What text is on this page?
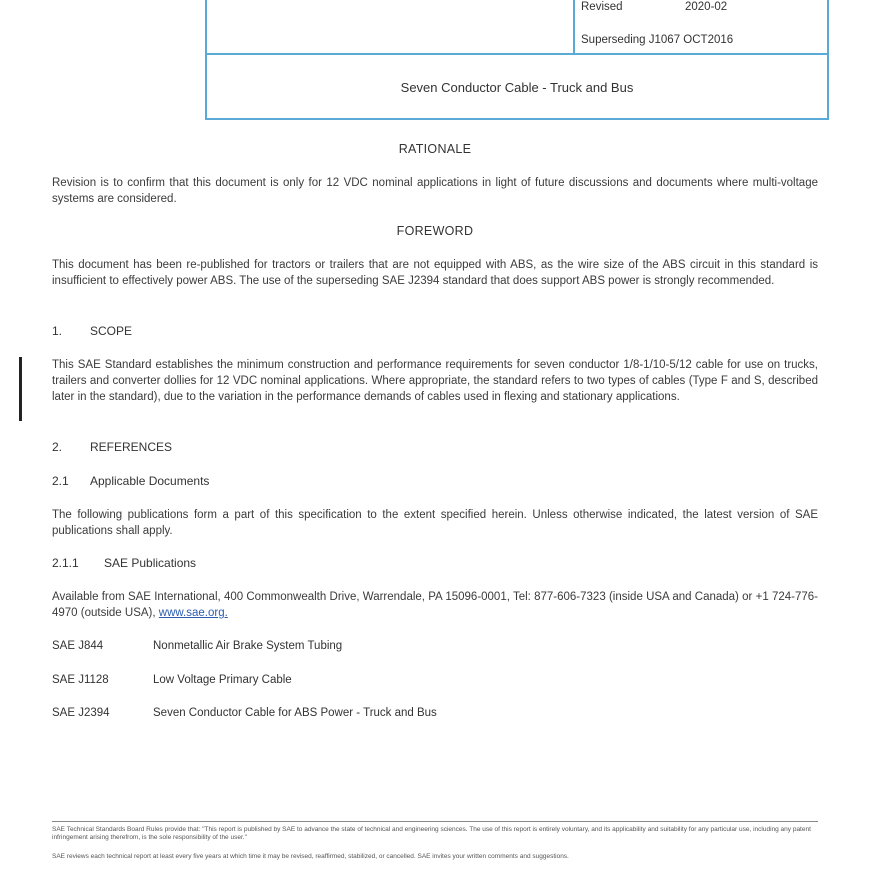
Revised	2020-02
Superseding J1067 OCT2016
Seven Conductor Cable - Truck and Bus
RATIONALE
Revision is to confirm that this document is only for 12 VDC nominal applications in light of future discussions and documents where multi-voltage systems are considered.
FOREWORD
This document has been re-published for tractors or trailers that are not equipped with ABS, as the wire size of the ABS circuit in this standard is insufficient to effectively power ABS. The use of the superseding SAE J2394 standard that does support ABS power is strongly recommended.
1. SCOPE
This SAE Standard establishes the minimum construction and performance requirements for seven conductor 1/8-1/10-5/12 cable for use on trucks, trailers and converter dollies for 12 VDC nominal applications. Where appropriate, the standard refers to two types of cables (Type F and S, described later in the standard), due to the variation in the performance demands of cables used in flexing and stationary applications.
2. REFERENCES
2.1 Applicable Documents
The following publications form a part of this specification to the extent specified herein. Unless otherwise indicated, the latest version of SAE publications shall apply.
2.1.1 SAE Publications
Available from SAE International, 400 Commonwealth Drive, Warrendale, PA 15096-0001, Tel: 877-606-7323 (inside USA and Canada) or +1 724-776-4970 (outside USA), www.sae.org.
SAE J844	Nonmetallic Air Brake System Tubing
SAE J1128	Low Voltage Primary Cable
SAE J2394	Seven Conductor Cable for ABS Power - Truck and Bus
SAE Technical Standards Board Rules provide that: "This report is published by SAE to advance the state of technical and engineering sciences. The use of this report is entirely voluntary, and its applicability and suitability for any particular use, including any patent infringement arising therefrom, is the sole responsibility of the user."
SAE reviews each technical report at least every five years at which time it may be revised, reaffirmed, stabilized, or cancelled. SAE invites your written comments and suggestions.
